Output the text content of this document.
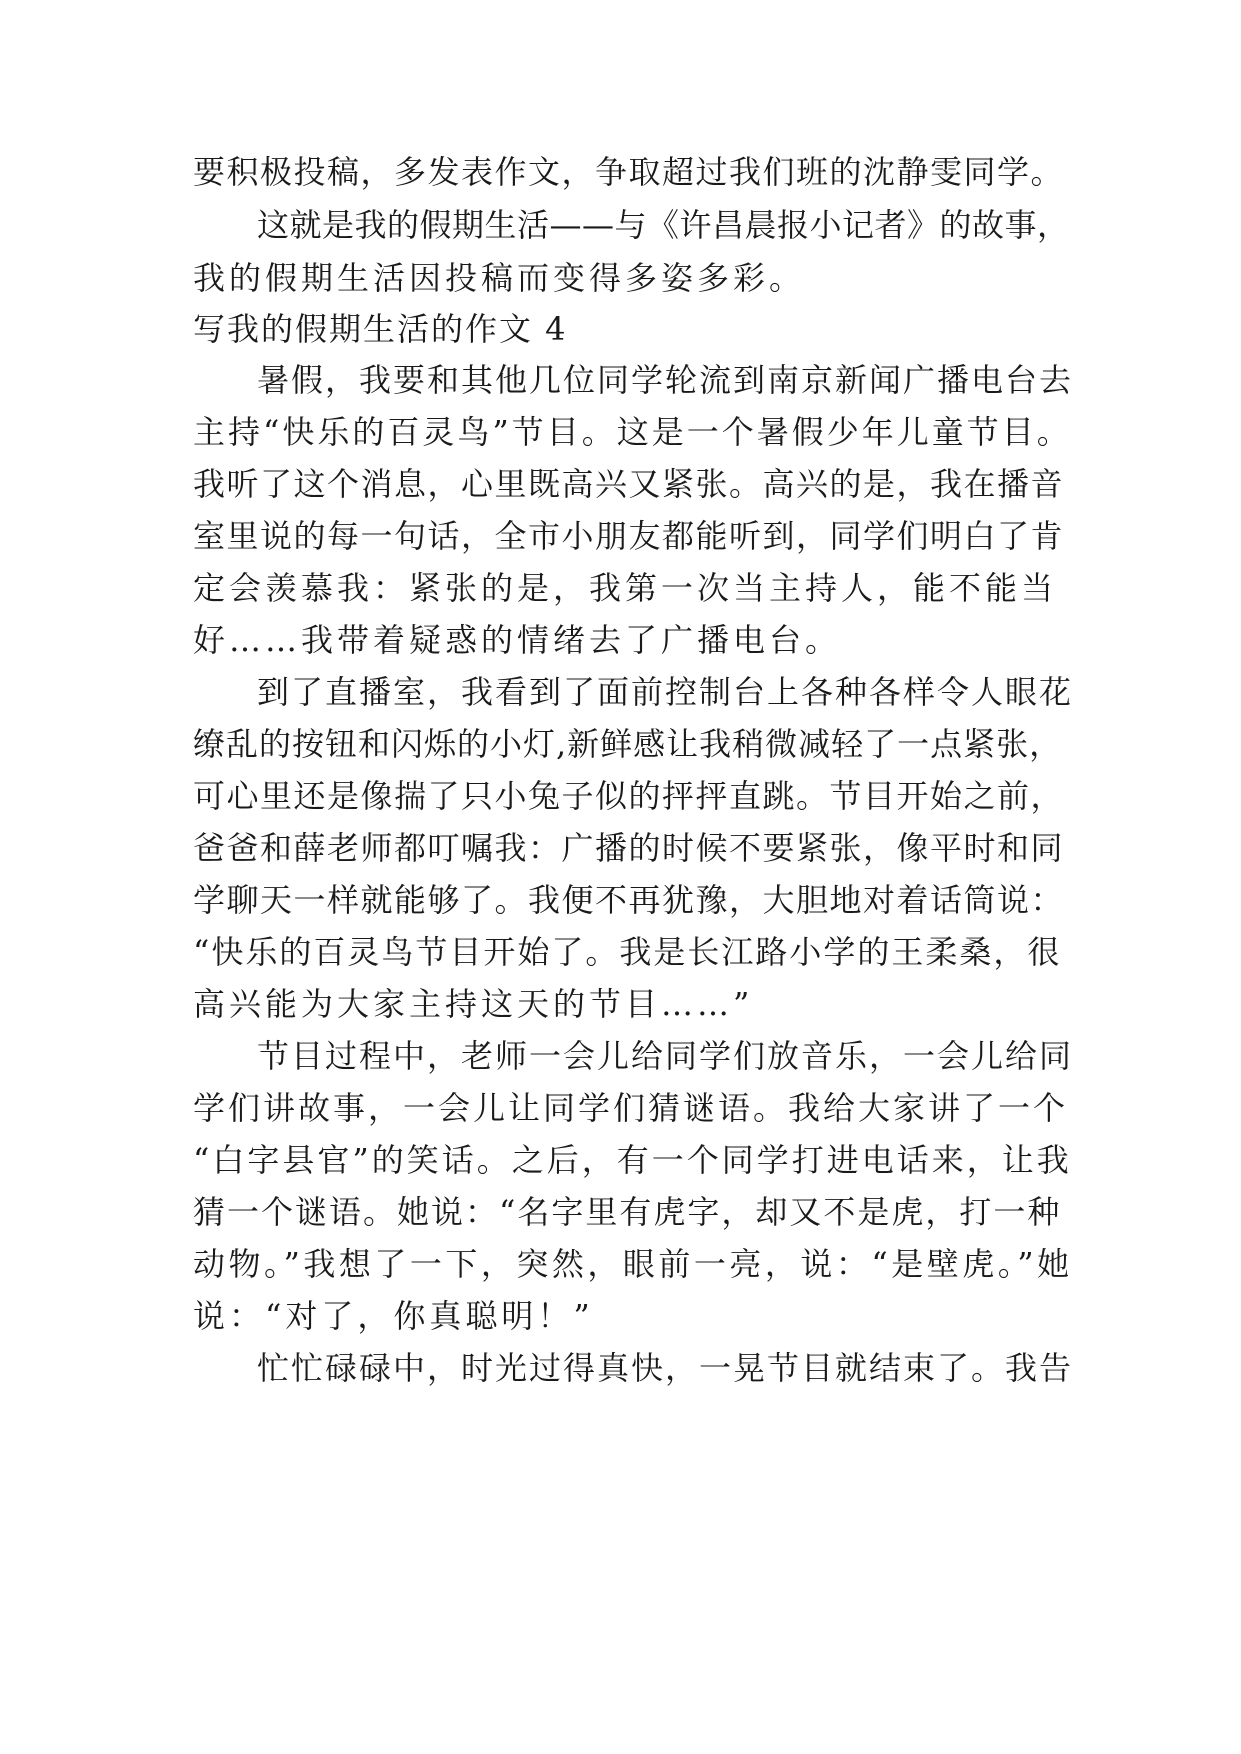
要积极投稿，多发表作文，争取超过我们班的沈静雯同学。
这就是我的假期生活——与《许昌晨报小记者》的故事，
我的假期生活因投稿而变得多姿多彩。
写我的假期生活的作文 4
暑假，我要和其他几位同学轮流到南京新闻广播电台去
主持“快乐的百灵鸟”节目。这是一个暑假少年儿童节目。
我听了这个消息，心里既高兴又紧张。高兴的是，我在播音
室里说的每一句话，全市小朋友都能听到，同学们明白了肯
定会羡慕我：紧张的是，我第一次当主持人，能不能当
好……我带着疑惑的情绪去了广播电台。
到了直播室，我看到了面前控制台上各种各样令人眼花
缭乱的按钮和闪烁的小灯,新鲜感让我稍微减轻了一点紧张，
可心里还是像揣了只小兔子似的抨抨直跳。节目开始之前，
爸爸和薛老师都叮嘱我：广播的时候不要紧张，像平时和同
学聊天一样就能够了。我便不再犹豫，大胆地对着话筒说：
“快乐的百灵鸟节目开始了。我是长江路小学的王柔桑，很
高兴能为大家主持这天的节目……”
节目过程中，老师一会儿给同学们放音乐，一会儿给同
学们讲故事，一会儿让同学们猜谜语。我给大家讲了一个
“白字县官”的笑话。之后，有一个同学打进电话来，让我
猜一个谜语。她说：“名字里有虎字，却又不是虎，打一种
动物。”我想了一下，突然，眼前一亮，说：“是壁虎。”她
说：“对了，你真聪明！”
忙忙碌碌中，时光过得真快，一晃节目就结束了。我告
